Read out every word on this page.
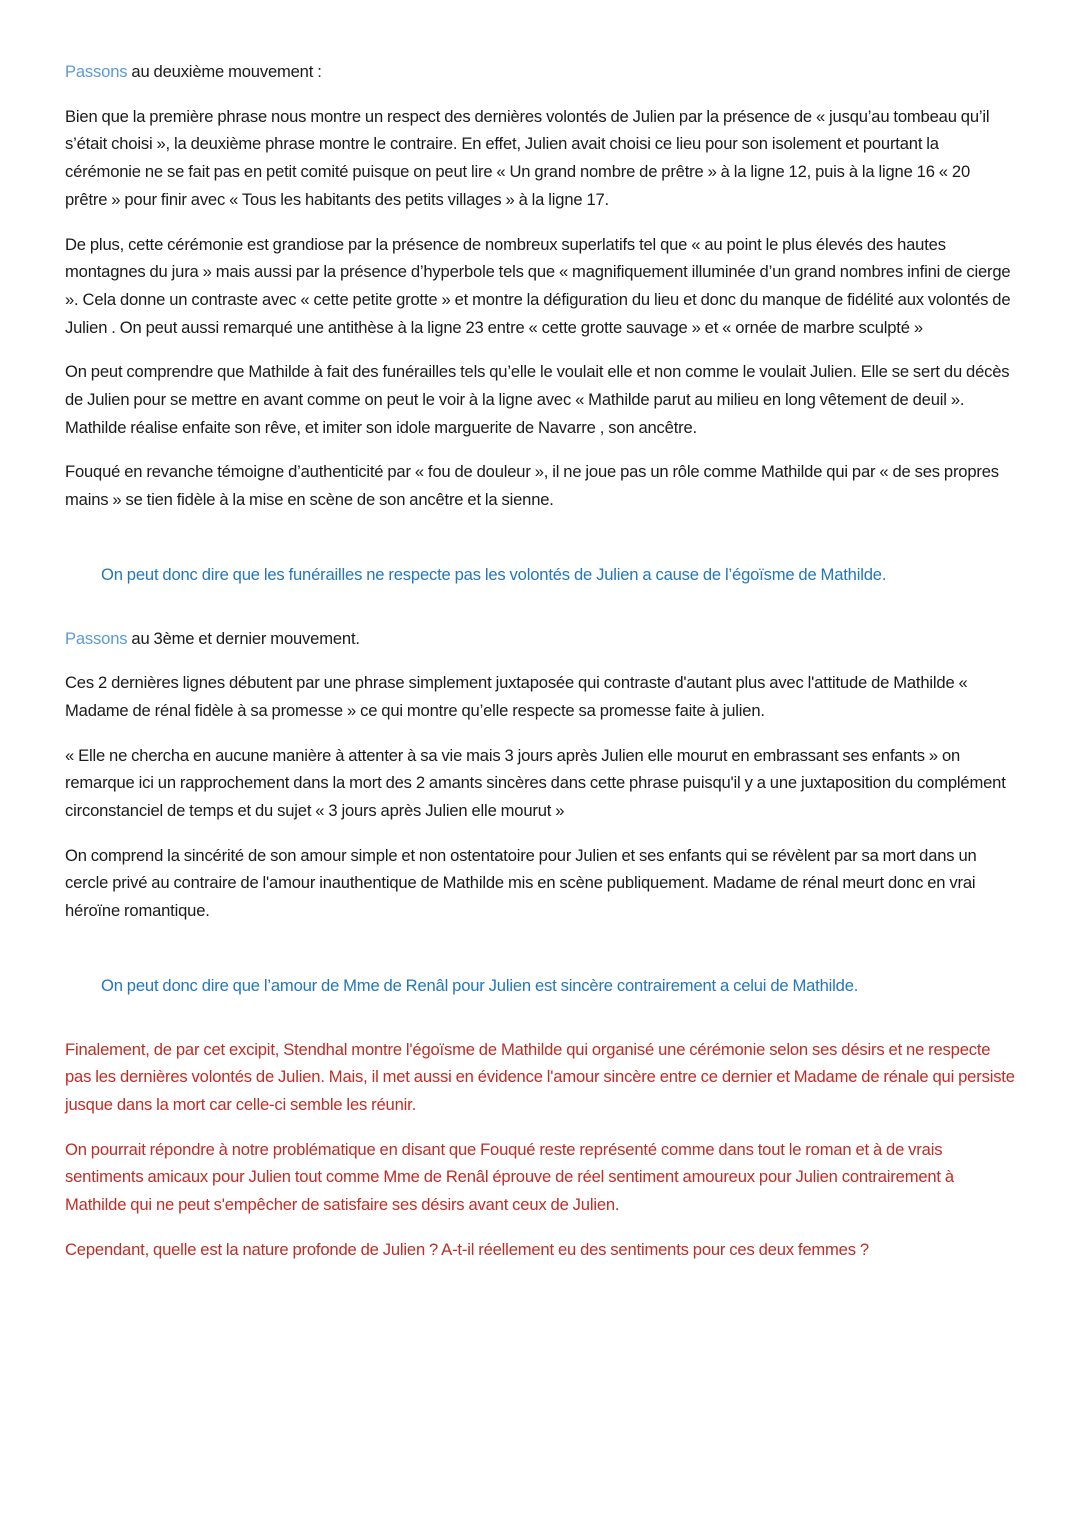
Passons au deuxième mouvement :

Bien que la première phrase nous montre un respect des dernières volontés de Julien par la présence de « jusqu’au tombeau qu’il s’était choisi », la deuxième phrase montre le contraire. En effet, Julien avait choisi ce lieu pour son isolement et pourtant la cérémonie ne se fait pas en petit comité puisque on peut lire « Un grand nombre de prêtre » à la ligne 12, puis à la ligne 16 « 20 prêtre » pour finir avec « Tous les habitants des petits villages » à la ligne 17.

De plus, cette cérémonie est grandiose par la présence de nombreux superlatifs tel que « au point le plus élevés des hautes montagnes du jura » mais aussi par la présence d’hyperbole tels que « magnifiquement illuminée d’un grand nombres infini de cierge ». Cela donne un contraste avec « cette petite grotte » et montre la défiguration du lieu et donc du manque de fidélité aux volontés de Julien . On peut aussi remarqué une antithèse à la ligne 23 entre « cette grotte sauvage » et « ornée de marbre sculpté »

On peut comprendre que Mathilde à fait des funérailles tels qu’elle le voulait elle et non comme le voulait Julien. Elle se sert du décès de Julien pour se mettre en avant comme on peut le voir à la ligne avec « Mathilde parut au milieu en long vêtement de deuil ». Mathilde réalise enfaite son rêve, et imiter son idole marguerite de Navarre , son ancêtre.

Fouqué en revanche témoigne d’authenticité par « fou de douleur », il ne joue pas un rôle comme Mathilde qui par « de ses propres mains » se tien fidèle à la mise en scène de son ancêtre et la sienne.

On peut donc dire que les funérailles ne respecte pas les volontés de Julien a cause de l’égoïsme de Mathilde.

Passons au 3ème et dernier mouvement.

Ces 2 dernières lignes débutent par une phrase simplement juxtaposée qui contraste d'autant plus avec l'attitude de Mathilde « Madame de rénal fidèle à sa promesse » ce qui montre qu’elle respecte sa promesse faite à julien.

« Elle ne chercha en aucune manière à attenter à sa vie mais 3 jours après Julien elle mourut en embrassant ses enfants » on remarque ici un rapprochement dans la mort des 2 amants sincères dans cette phrase puisqu'il y a une juxtaposition du complément circonstanciel de temps et du sujet « 3 jours après Julien elle mourut »

On comprend la sincérité de son amour simple et non ostentatoire pour Julien et ses enfants qui se révèlent par sa mort dans un cercle privé au contraire de l'amour inauthentique de Mathilde mis en scène publiquement. Madame de rénal meurt donc en vrai héroïne romantique.

On peut donc dire que l’amour de Mme de Renâl pour Julien est sincère contrairement a celui de Mathilde.

Finalement, de par cet excipit, Stendhal montre l'égoïsme de Mathilde qui organisé une cérémonie selon ses désirs et ne respecte pas les dernières volontés de Julien. Mais, il met aussi en évidence l'amour sincère entre ce dernier et Madame de rénale qui persiste jusque dans la mort car celle-ci semble les réunir.

On pourrait répondre à notre problématique en disant que Fouqué reste représenté comme dans tout le roman et à de vrais sentiments amicaux pour Julien tout comme Mme de Renâl éprouve de réel sentiment amoureux pour Julien contrairement à Mathilde qui ne peut s'empêcher de satisfaire ses désirs avant ceux de Julien.

Cependant, quelle est la nature profonde de Julien ? A-t-il réellement eu des sentiments pour ces deux femmes ?
